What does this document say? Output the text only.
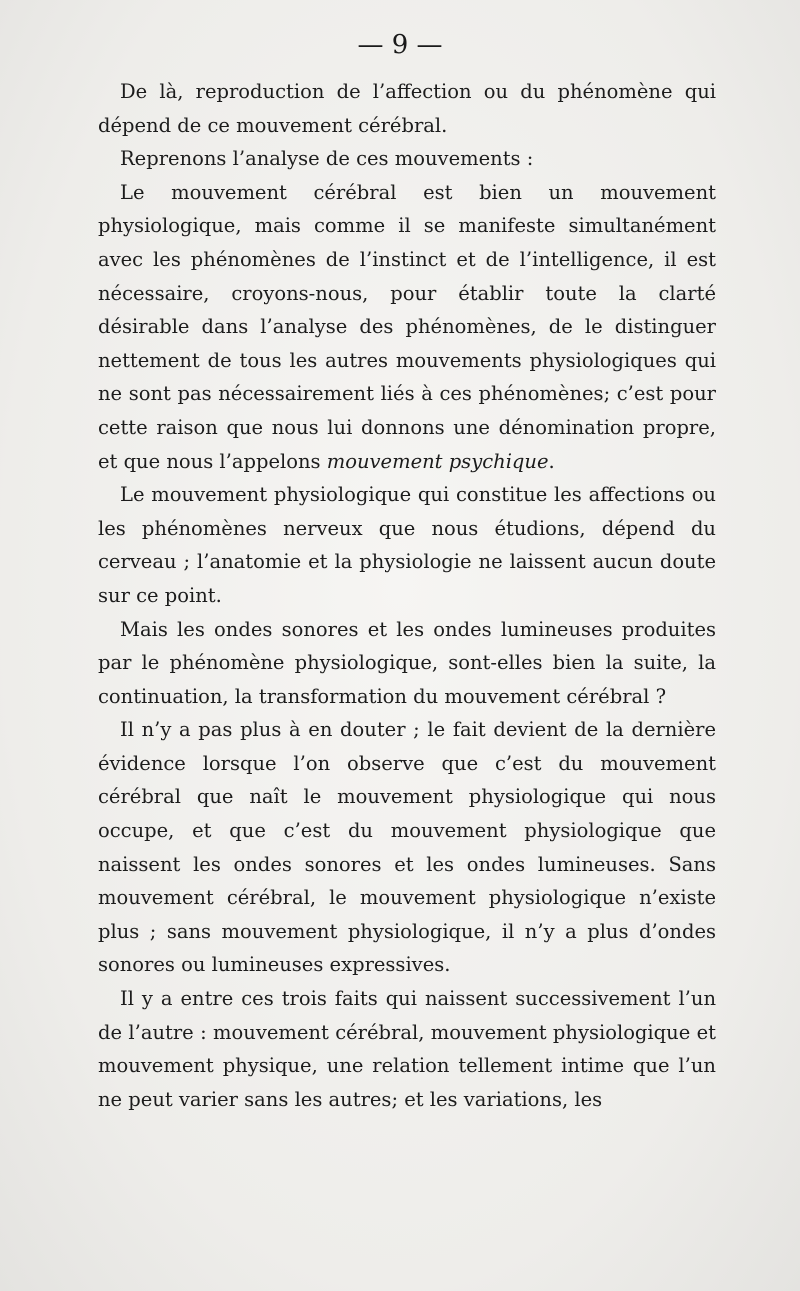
— 9 —

De là, reproduction de l’affection ou du phénomène qui dépend de ce mouvement cérébral.

Reprenons l’analyse de ces mouvements :

Le mouvement cérébral est bien un mouvement physiologique, mais comme il se manifeste simultanément avec les phénomènes de l’instinct et de l’intelligence, il est nécessaire, croyons-nous, pour établir toute la clarté désirable dans l’analyse des phénomènes, de le distinguer nettement de tous les autres mouvements physiologiques qui ne sont pas nécessairement liés à ces phénomènes; c’est pour cette raison que nous lui donnons une dénomination propre, et que nous l’appelons mouvement psychique.

Le mouvement physiologique qui constitue les affections ou les phénomènes nerveux que nous étudions, dépend du cerveau ; l’anatomie et la physiologie ne laissent aucun doute sur ce point.

Mais les ondes sonores et les ondes lumineuses produites par le phénomène physiologique, sont-elles bien la suite, la continuation, la transformation du mouvement cérébral ?

Il n’y a pas plus à en douter ; le fait devient de la dernière évidence lorsque l’on observe que c’est du mouvement cérébral que naît le mouvement physiologique qui nous occupe, et que c’est du mouvement physiologique que naissent les ondes sonores et les ondes lumineuses. Sans mouvement cérébral, le mouvement physiologique n’existe plus ; sans mouvement physiologique, il n’y a plus d’ondes sonores ou lumineuses expressives.

Il y a entre ces trois faits qui naissent successivement l’un de l’autre : mouvement cérébral, mouvement physiologique et mouvement physique, une relation tellement intime que l’un ne peut varier sans les autres; et les variations, les
